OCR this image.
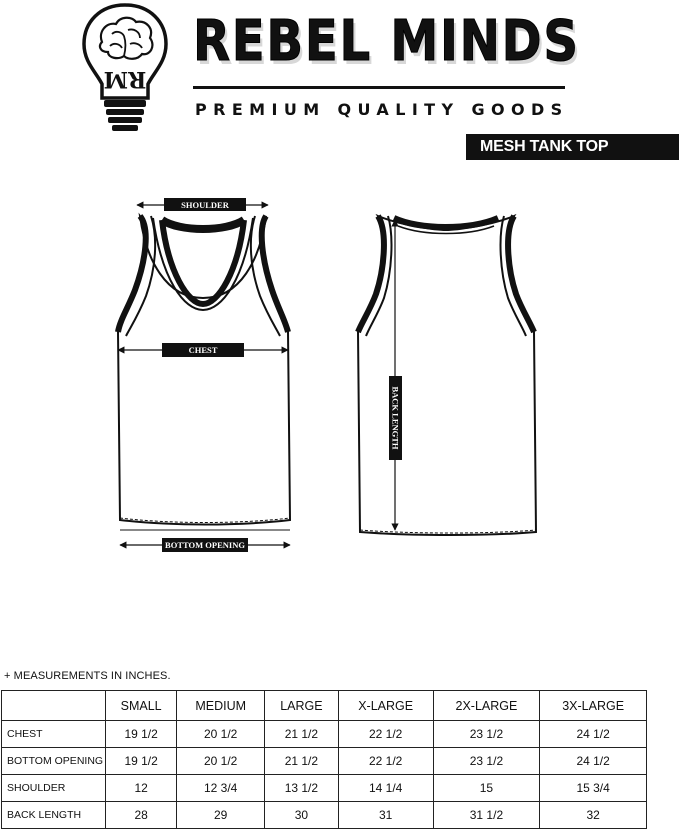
RM
REBEL MINDS
PREMIUM QUALITY GOODS
MESH TANK TOP
SHOULDER
CHEST
BOTTOM OPENING
BACK LENGTH
+ MEASUREMENTS IN INCHES.
	SMALL	MEDIUM	LARGE	X-LARGE	2X-LARGE	3X-LARGE
CHEST	19 1/2	20 1/2	21 1/2	22 1/2	23 1/2	24 1/2
BOTTOM OPENING	19 1/2	20 1/2	21 1/2	22 1/2	23 1/2	24 1/2
SHOULDER	12	12 3/4	13 1/2	14 1/4	15	15 3/4
BACK LENGTH	28	29	30	31	31 1/2	32
